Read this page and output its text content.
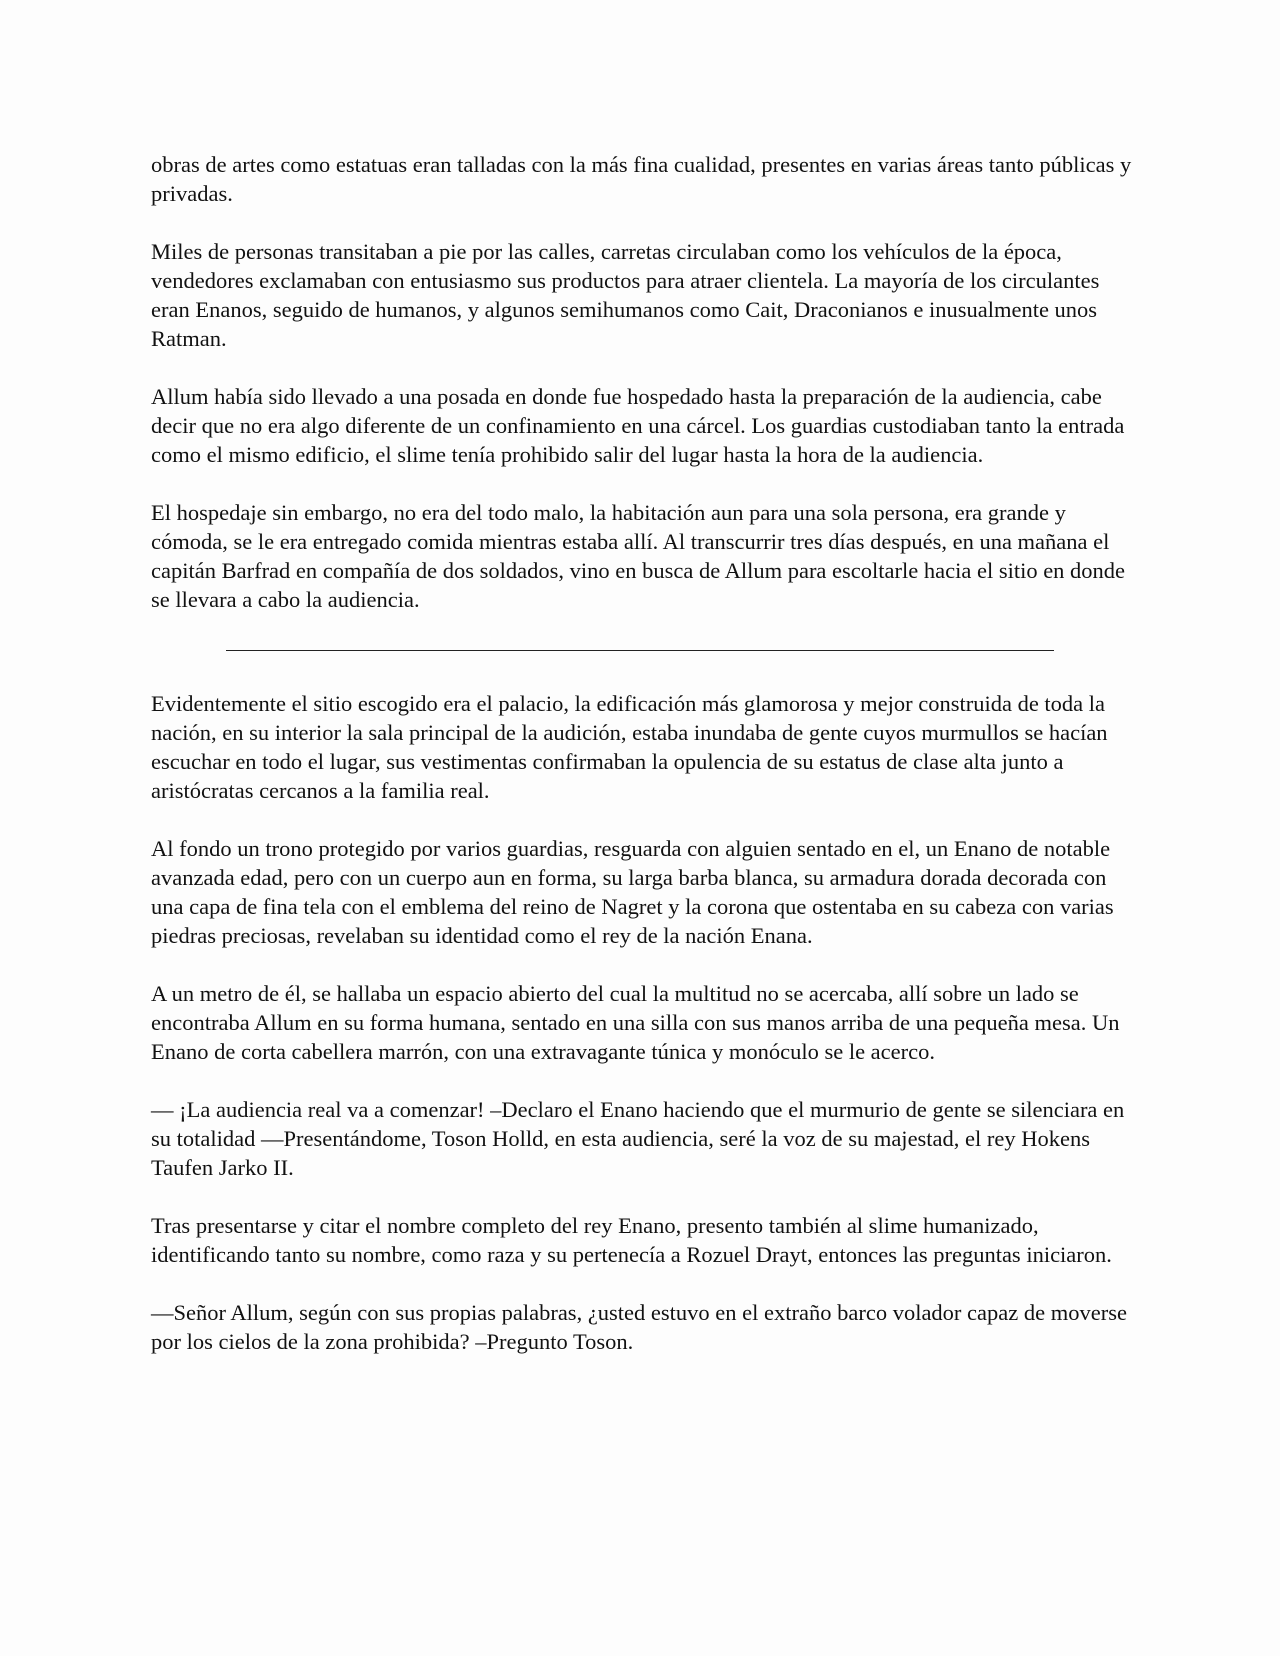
obras de artes como estatuas eran talladas con la más fina cualidad, presentes en varias áreas tanto públicas y privadas.

Miles de personas transitaban a pie por las calles, carretas circulaban como los vehículos de la época, vendedores exclamaban con entusiasmo sus productos para atraer clientela. La mayoría de los circulantes eran Enanos, seguido de humanos, y algunos semihumanos como Cait, Draconianos e inusualmente unos Ratman.

Allum había sido llevado a una posada en donde fue hospedado hasta la preparación de la audiencia, cabe decir que no era algo diferente de un confinamiento en una cárcel. Los guardias custodiaban tanto la entrada como el mismo edificio, el slime tenía prohibido salir del lugar hasta la hora de la audiencia.

El hospedaje sin embargo, no era del todo malo, la habitación aun para una sola persona, era grande y cómoda, se le era entregado comida mientras estaba allí. Al transcurrir tres días después, en una mañana el capitán Barfrad en compañía de dos soldados, vino en busca de Allum para escoltarle hacia el sitio en donde se llevara a cabo la audiencia.

Evidentemente el sitio escogido era el palacio, la edificación más glamorosa y mejor construida de toda la nación, en su interior la sala principal de la audición, estaba inundaba de gente cuyos murmullos se hacían escuchar en todo el lugar, sus vestimentas confirmaban la opulencia de su estatus de clase alta junto a aristócratas cercanos a la familia real.

Al fondo un trono protegido por varios guardias, resguarda con alguien sentado en el, un Enano de notable avanzada edad, pero con un cuerpo aun en forma, su larga barba blanca, su armadura dorada decorada con una capa de fina tela con el emblema del reino de Nagret y la corona que ostentaba en su cabeza con varias piedras preciosas, revelaban su identidad como el rey de la nación Enana.

A un metro de él, se hallaba un espacio abierto del cual la multitud no se acercaba, allí sobre un lado se encontraba Allum en su forma humana, sentado en una silla con sus manos arriba de una pequeña mesa. Un Enano de corta cabellera marrón, con una extravagante túnica y monóculo se le acerco.

— ¡La audiencia real va a comenzar! –Declaro el Enano haciendo que el murmurio de gente se silenciara en su totalidad —Presentándome, Toson Holld, en esta audiencia, seré la voz de su majestad, el rey Hokens Taufen Jarko II.

Tras presentarse y citar el nombre completo del rey Enano, presento también al slime humanizado, identificando tanto su nombre, como raza y su pertenecía a Rozuel Drayt, entonces las preguntas iniciaron.

—Señor Allum, según con sus propias palabras, ¿usted estuvo en el extraño barco volador capaz de moverse por los cielos de la zona prohibida? –Pregunto Toson.
